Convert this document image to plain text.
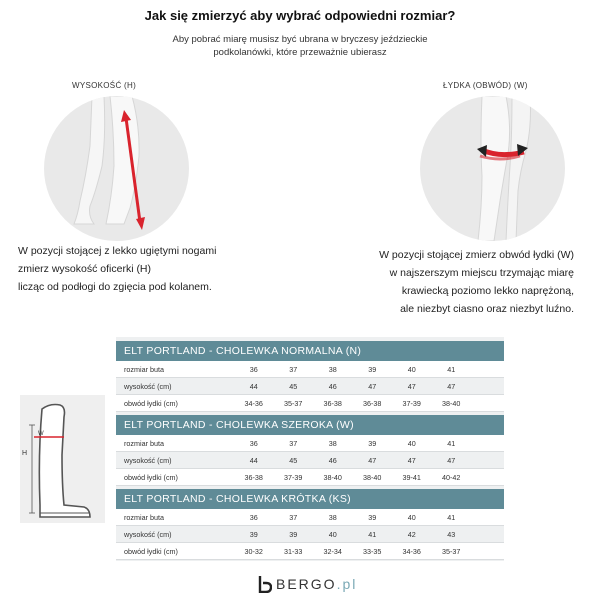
Jak się zmierzyć aby wybrać odpowiedni rozmiar?
Aby pobrać miarę musisz być ubrana w bryczesy jeździeckie
podkolanówki, które przeważnie ubierasz
WYSOKOŚĆ (H)
W pozycji stojącej z lekko ugiętymi nogami
zmierz wysokość oficerki (H)
licząc od podłogi do zgięcia pod kolanem.
ŁYDKA (OBWÓD) (W)
W pozycji stojącej zmierz obwód łydki (W)
w najszerszym miejscu trzymając miarę
krawiecką poziomo lekko naprężoną,
ale niezbyt ciasno oraz niezbyt luźno.
W
H
ELT PORTLAND - CHOLEWKA NORMALNA (N)
rozmiar buta	36	37	38	39	40	41
wysokość (cm)	44	45	46	47	47	47
obwód łydki (cm)	34-36	35-37	36-38	36-38	37-39	38-40
ELT PORTLAND - CHOLEWKA SZEROKA (W)
rozmiar buta	36	37	38	39	40	41
wysokość (cm)	44	45	46	47	47	47
obwód łydki (cm)	36-38	37-39	38-40	38-40	39-41	40-42
ELT PORTLAND - CHOLEWKA KRÓTKA (KS)
rozmiar buta	36	37	38	39	40	41
wysokość (cm)	39	39	40	41	42	43
obwód łydki (cm)	30-32	31-33	32-34	33-35	34-36	35-37
BERGO .pl
